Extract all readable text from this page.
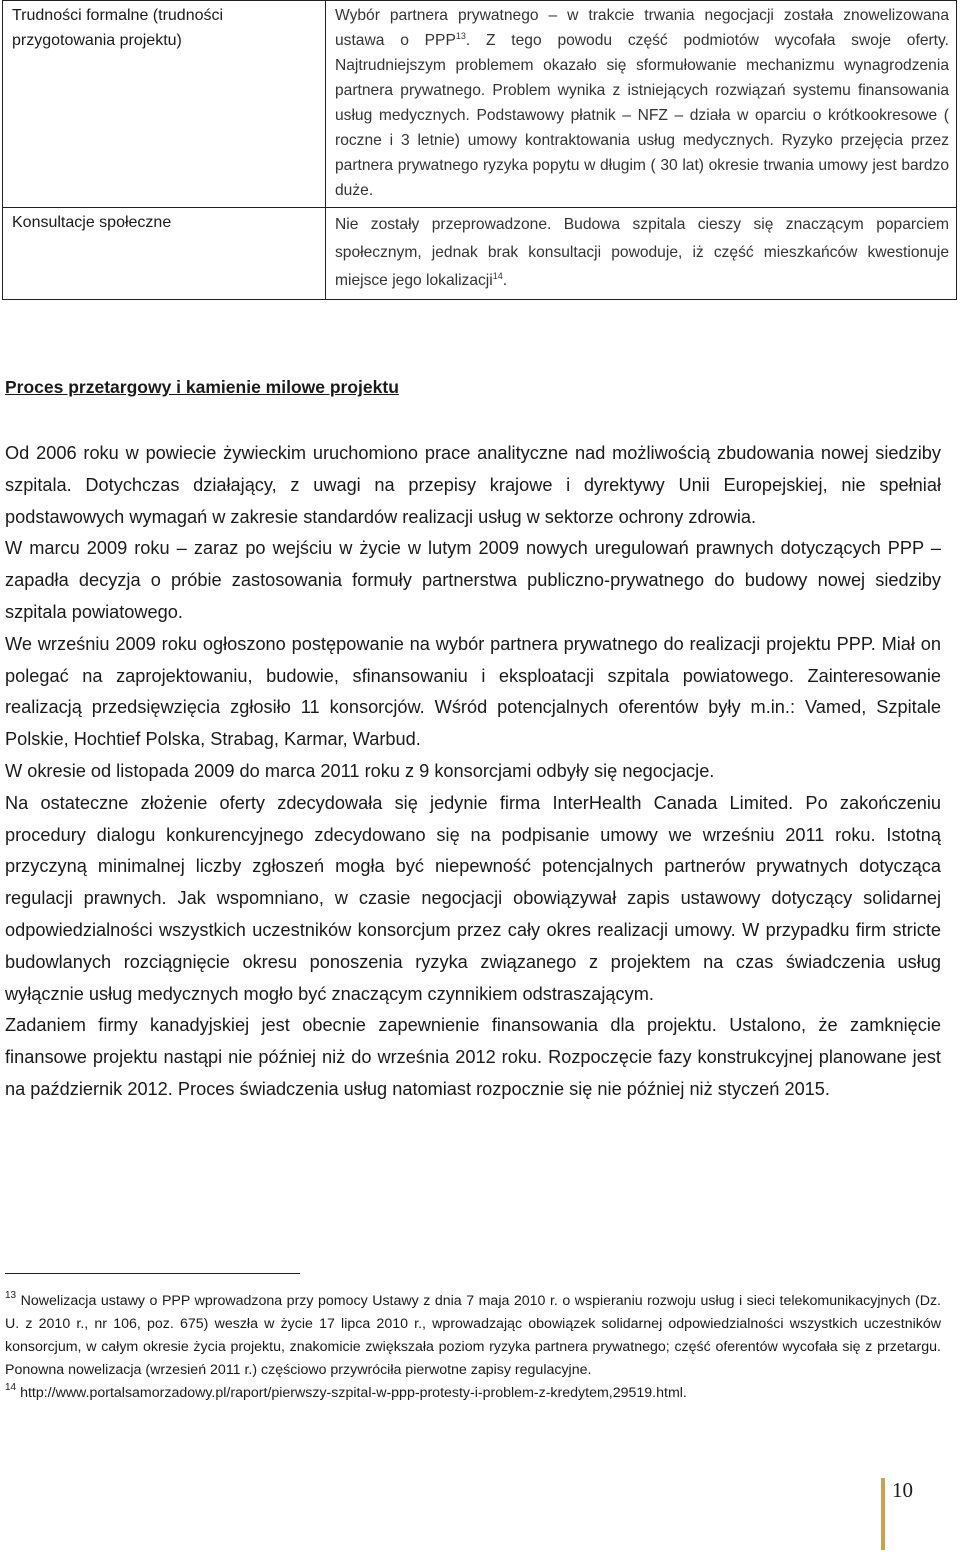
Trudności formalne (trudności przygotowania projektu)	Wybór partnera prywatnego – w trakcie trwania negocjacji została znowelizowana ustawa o PPP$^{13}$. Z tego powodu część podmiotów wycofała swoje oferty. Najtrudniejszym problemem okazało się sformułowanie mechanizmu wynagrodzenia partnera prywatnego. Problem wynika z istniejących rozwiązań systemu finansowania usług medycznych. Podstawowy płatnik – NFZ – działa w oparciu o krótkookresowe ( roczne i 3 letnie) umowy kontraktowania usług medycznych. Ryzyko przejęcia przez partnera prywatnego ryzyka popytu w długim ( 30 lat) okresie trwania umowy jest bardzo duże.

Konsultacje społeczne	Nie zostały przeprowadzone. Budowa szpitala cieszy się znaczącym poparciem społecznym, jednak brak konsultacji powoduje, iż część mieszkańców kwestionuje miejsce jego lokalizacji$^{14}$.

Proces przetargowy i kamienie milowe projektu

Od 2006 roku w powiecie żywieckim uruchomiono prace analityczne nad możliwością zbudowania nowej siedziby szpitala. Dotychczas działający, z uwagi na przepisy krajowe i dyrektywy Unii Europejskiej, nie spełniał podstawowych wymagań w zakresie standardów realizacji usług w sektorze ochrony zdrowia.

W marcu 2009 roku – zaraz po wejściu w życie w lutym 2009 nowych uregulowań prawnych dotyczących PPP – zapadła decyzja o próbie zastosowania formuły partnerstwa publiczno-prywatnego do budowy nowej siedziby szpitala powiatowego.

We wrześniu 2009 roku ogłoszono postępowanie na wybór partnera prywatnego do realizacji projektu PPP. Miał on polegać na zaprojektowaniu, budowie, sfinansowaniu i eksploatacji szpitala powiatowego. Zainteresowanie realizacją przedsięwzięcia zgłosiło 11 konsorcjów. Wśród potencjalnych oferentów były m.in.: Vamed, Szpitale Polskie, Hochtief Polska, Strabag, Karmar, Warbud.

W okresie od listopada 2009 do marca 2011 roku z 9 konsorcjami odbyły się negocjacje.

Na ostateczne złożenie oferty zdecydowała się jedynie firma InterHealth Canada Limited. Po zakończeniu procedury dialogu konkurencyjnego zdecydowano się na podpisanie umowy we wrześniu 2011 roku. Istotną przyczyną minimalnej liczby zgłoszeń mogła być niepewność potencjalnych partnerów prywatnych dotycząca regulacji prawnych. Jak wspomniano, w czasie negocjacji obowiązywał zapis ustawowy dotyczący solidarnej odpowiedzialności wszystkich uczestników konsorcjum przez cały okres realizacji umowy. W przypadku firm stricte budowlanych rozciągnięcie okresu ponoszenia ryzyka związanego z projektem na czas świadczenia usług wyłącznie usług medycznych mogło być znaczącym czynnikiem odstraszającym.

Zadaniem firmy kanadyjskiej jest obecnie zapewnienie finansowania dla projektu. Ustalono, że zamknięcie finansowe projektu nastąpi nie później niż do września 2012 roku. Rozpoczęcie fazy konstrukcyjnej planowane jest na październik 2012. Proces świadczenia usług natomiast rozpocznie się nie później niż styczeń 2015.

$^{13}$ Nowelizacja ustawy o PPP wprowadzona przy pomocy Ustawy z dnia 7 maja 2010 r. o wspieraniu rozwoju usług i sieci telekomunikacyjnych (Dz. U. z 2010 r., nr 106, poz. 675) weszła w życie 17 lipca 2010 r., wprowadzając obowiązek solidarnej odpowiedzialności wszystkich uczestników konsorcjum, w całym okresie życia projektu, znakomicie zwiększała poziom ryzyka partnera prywatnego; część oferentów wycofała się z przetargu. Ponowna nowelizacja (wrzesień 2011 r.) częściowo przywróciła pierwotne zapisy regulacyjne.

$^{14}$ http://www.portalsamorzadowy.pl/raport/pierwszy-szpital-w-ppp-protesty-i-problem-z-kredytem,29519.html.

10
